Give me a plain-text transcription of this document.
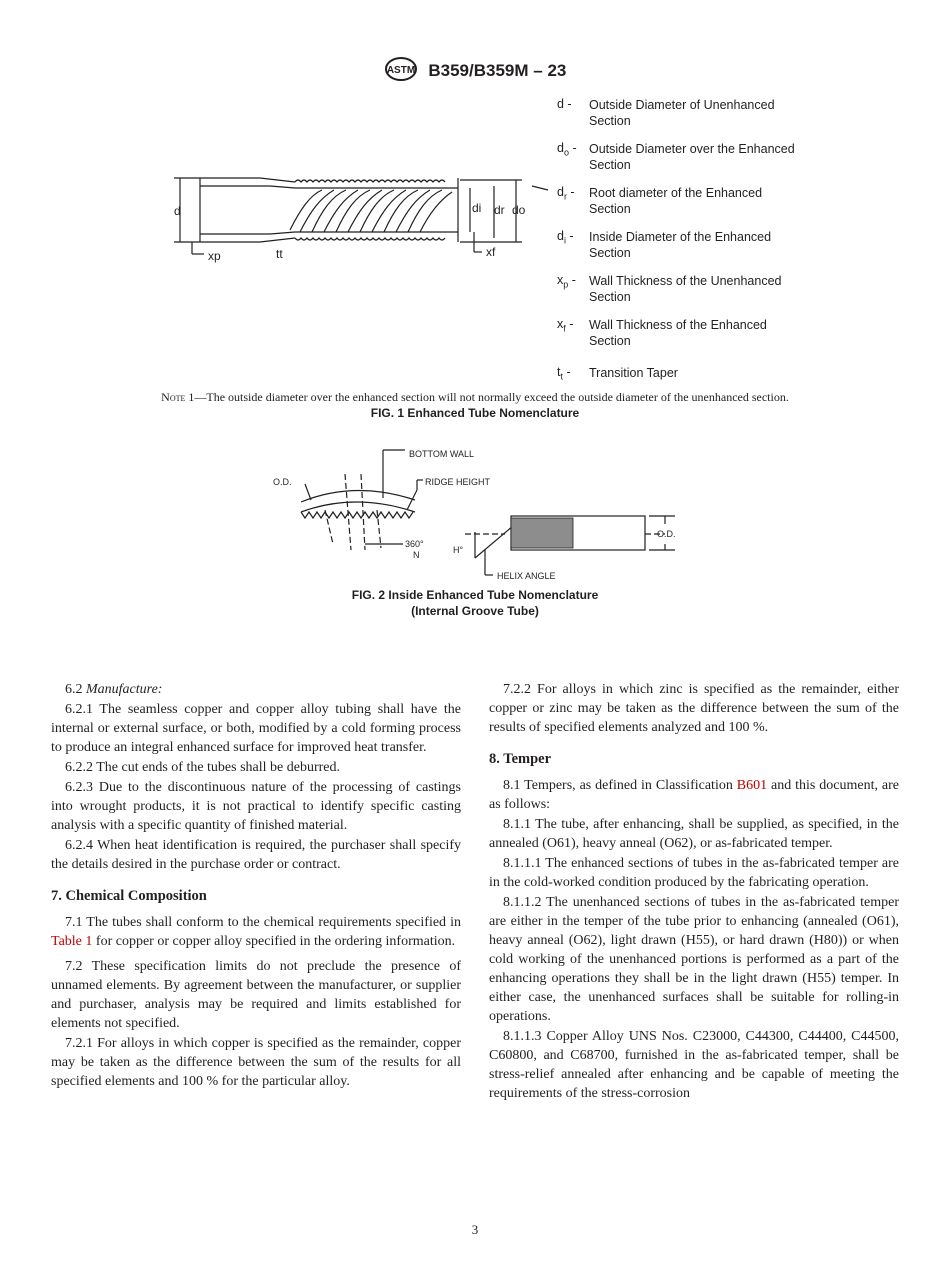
ASTM B359/B359M – 23
d
xp	tt	xf
di dr do
d -	Outside Diameter of Unenhanced Section
$d_o$ - Outside Diameter over the Enhanced Section
$d_r$ -	Root diameter of the Enhanced Section
$d_i$ -	Inside Diameter of the Enhanced Section
$x_p$ -	Wall Thickness of the Unenhanced Section
$x_f$ -	Wall Thickness of the Enhanced Section
$t_t$ -	Transition Taper
Note 1—The outside diameter over the enhanced section will not normally exceed the outside diameter of the unenhanced section.
FIG. 1 Enhanced Tube Nomenclature
BOTTOM WALL
RIDGE HEIGHT
O.D.
360°
N	H°
HELIX ANGLE
O.D.
FIG. 2 Inside Enhanced Tube Nomenclature
(Internal Groove Tube)

6.2 Manufacture:

6.2.1 The seamless copper and copper alloy tubing shall have the internal or external surface, or both, modified by a cold forming process to produce an integral enhanced surface for improved heat transfer.

6.2.2 The cut ends of the tubes shall be deburred.

6.2.3 Due to the discontinuous nature of the processing of castings into wrought products, it is not practical to identify specific casting analysis with a specific quantity of finished material.

6.2.4 When heat identification is required, the purchaser shall specify the details desired in the purchase order or contract.

7. Chemical Composition

7.1 The tubes shall conform to the chemical requirements specified in Table 1 for copper or copper alloy specified in the ordering information.

7.2 These specification limits do not preclude the presence of unnamed elements. By agreement between the manufacturer, or supplier and purchaser, analysis may be required and limits established for elements not specified.

7.2.1 For alloys in which copper is specified as the remainder, copper may be taken as the difference between the sum of the results for all specified elements and 100 % for the particular alloy.

7.2.2 For alloys in which zinc is specified as the remainder, either copper or zinc may be taken as the difference between the sum of the results of specified elements analyzed and 100 %.

8. Temper

8.1 Tempers, as defined in Classification B601 and this document, are as follows:

8.1.1 The tube, after enhancing, shall be supplied, as specified, in the annealed (O61), heavy anneal (O62), or as-fabricated temper.

8.1.1.1 The enhanced sections of tubes in the as-fabricated temper are in the cold-worked condition produced by the fabricating operation.

8.1.1.2 The unenhanced sections of tubes in the as-fabricated temper are either in the temper of the tube prior to enhancing (annealed (O61), heavy anneal (O62), light drawn (H55), or hard drawn (H80)) or when cold working of the unenhanced portions is performed as a part of the enhancing operations they shall be in the light drawn (H55) temper. In either case, the unenhanced surfaces shall be suitable for rolling-in operations.

8.1.1.3 Copper Alloy UNS Nos. C23000, C44300, C44400, C44500, C60800, and C68700, furnished in the as-fabricated temper, shall be stress-relief annealed after enhancing and be capable of meeting the requirements of the stress-corrosion

3
